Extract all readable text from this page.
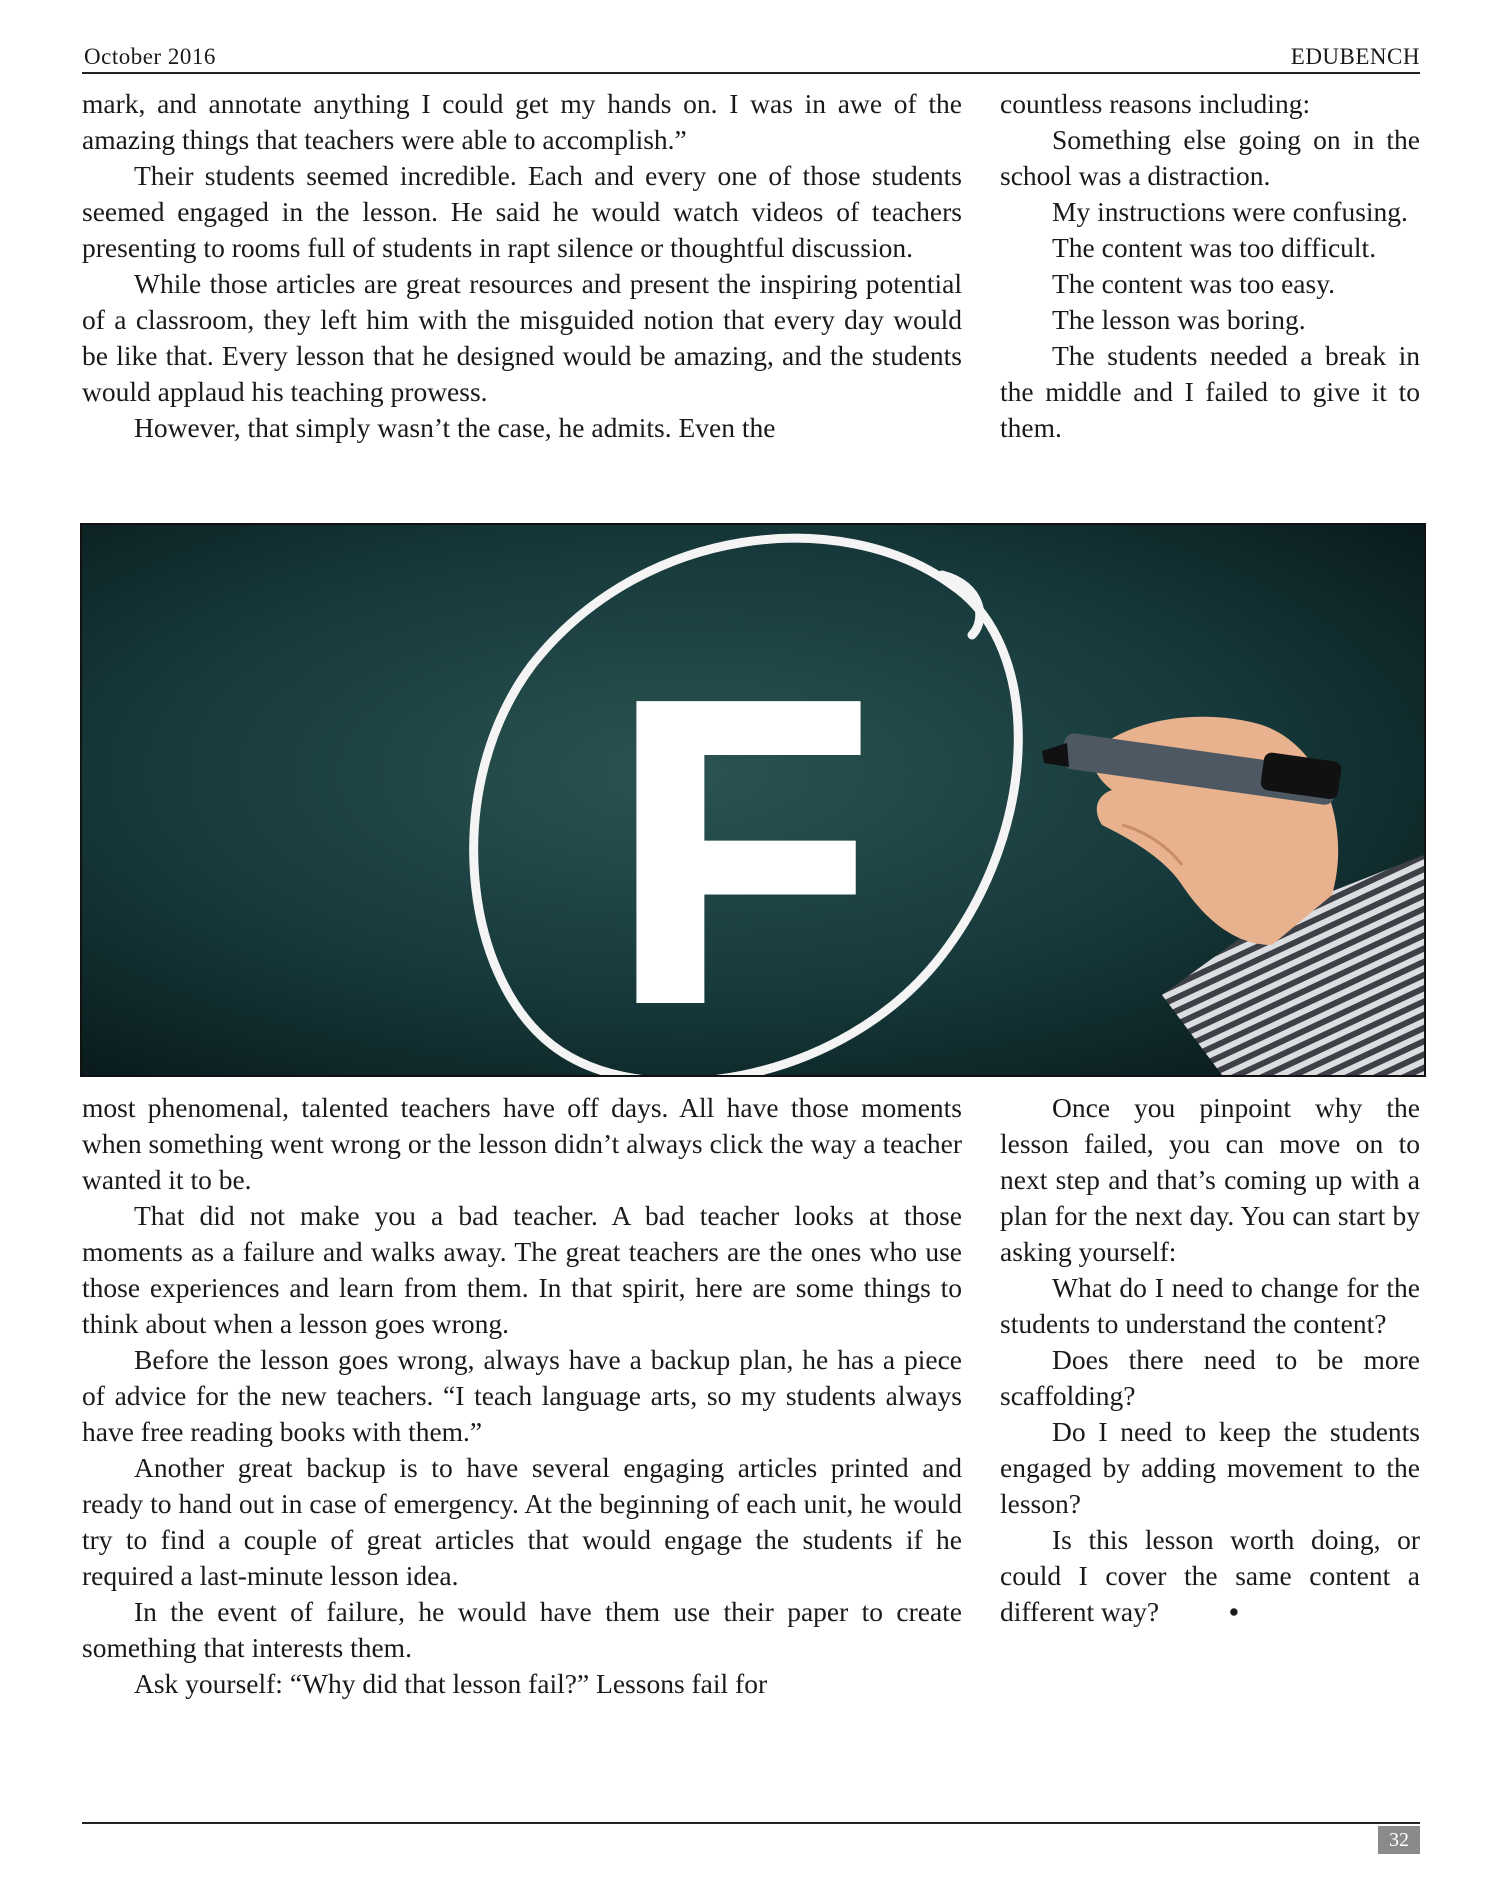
October 2016	EDUBENCH

mark, and annotate anything I could get my hands on. I was in awe of the amazing things that teachers were able to accomplish.”

Their students seemed incredible. Each and every one of those students seemed engaged in the lesson. He said he would watch videos of teachers presenting to rooms full of students in rapt silence or thoughtful discussion.

While those articles are great resources and present the inspiring potential of a classroom, they left him with the misguided notion that every day would be like that. Every lesson that he designed would be amazing, and the students would applaud his teaching prowess.

However, that simply wasn’t the case, he admits. Even the

countless reasons including:

Something else going on in the school was a distraction.

My instructions were confusing.

The content was too difficult.

The content was too easy.

The lesson was boring.

The students needed a break in the middle and I failed to give it to them.

F

most phenomenal, talented teachers have off days. All have those moments when something went wrong or the lesson didn’t always click the way a teacher wanted it to be.

That did not make you a bad teacher. A bad teacher looks at those moments as a failure and walks away. The great teachers are the ones who use those experiences and learn from them. In that spirit, here are some things to think about when a lesson goes wrong.

Before the lesson goes wrong, always have a backup plan, he has a piece of advice for the new teachers. “I teach language arts, so my students always have free reading books with them.”

Another great backup is to have several engaging articles printed and ready to hand out in case of emergency. At the beginning of each unit, he would try to find a couple of great articles that would engage the students if he required a last-minute lesson idea.

In the event of failure, he would have them use their paper to create something that interests them.

Ask yourself: “Why did that lesson fail?” Lessons fail for

Once you pinpoint why the lesson failed, you can move on to next step and that’s coming up with a plan for the next day. You can start by asking yourself:

What do I need to change for the students to understand the content?

Does there need to be more scaffolding?

Do I need to keep the students engaged by adding movement to the lesson?

Is this lesson worth doing, or could I cover the same content a different way?	•

32
